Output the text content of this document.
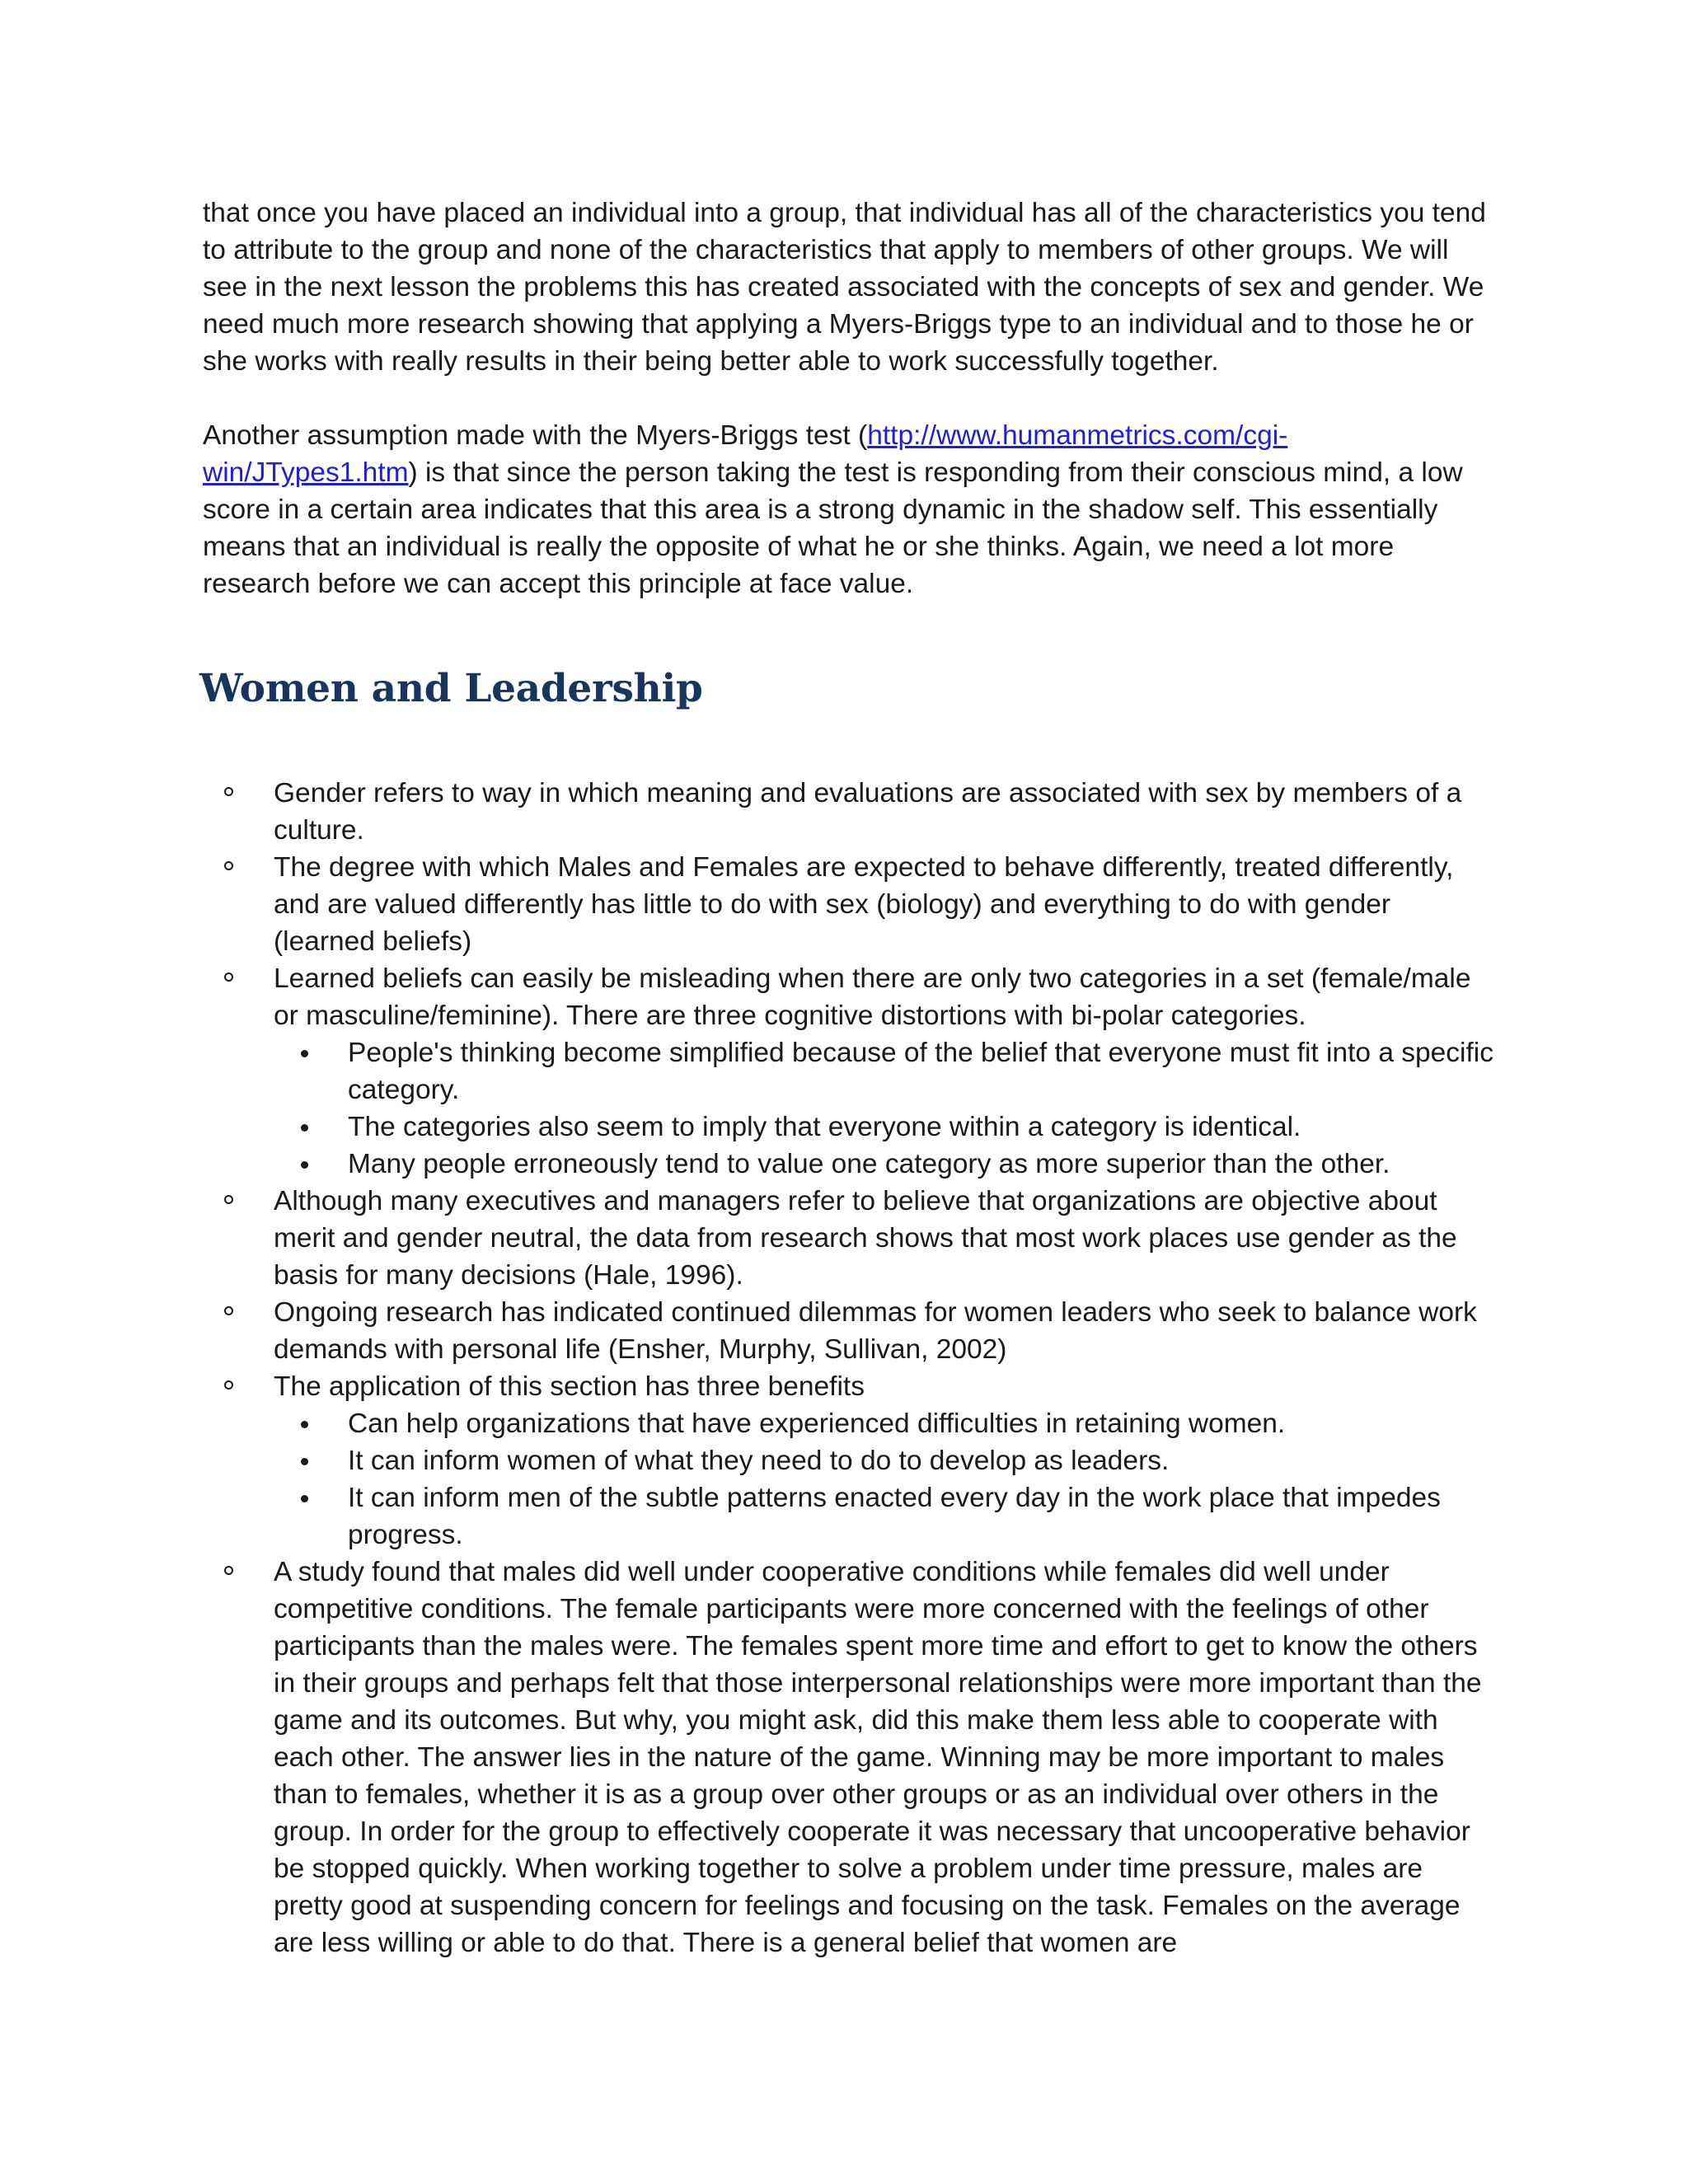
that once you have placed an individual into a group, that individual has all of the characteristics you tend to attribute to the group and none of the characteristics that apply to members of other groups. We will see in the next lesson the problems this has created associated with the concepts of sex and gender. We need much more research showing that applying a Myers-Briggs type to an individual and to those he or she works with really results in their being better able to work successfully together.

Another assumption made with the Myers-Briggs test (http://www.humanmetrics.com/cgi-win/JTypes1.htm) is that since the person taking the test is responding from their conscious mind, a low score in a certain area indicates that this area is a strong dynamic in the shadow self. This essentially means that an individual is really the opposite of what he or she thinks. Again, we need a lot more research before we can accept this principle at face value.

Women and Leadership
Gender refers to way in which meaning and evaluations are associated with sex by members of a culture.
The degree with which Males and Females are expected to behave differently, treated differently, and are valued differently has little to do with sex (biology) and everything to do with gender (learned beliefs)
Learned beliefs can easily be misleading when there are only two categories in a set (female/male or masculine/feminine). There are three cognitive distortions with bi-polar categories.
People's thinking become simplified because of the belief that everyone must fit into a specific category.
The categories also seem to imply that everyone within a category is identical.
Many people erroneously tend to value one category as more superior than the other.
Although many executives and managers refer to believe that organizations are objective about merit and gender neutral, the data from research shows that most work places use gender as the basis for many decisions (Hale, 1996).
Ongoing research has indicated continued dilemmas for women leaders who seek to balance work demands with personal life (Ensher, Murphy, Sullivan, 2002)
The application of this section has three benefits
Can help organizations that have experienced difficulties in retaining women.
It can inform women of what they need to do to develop as leaders.
It can inform men of the subtle patterns enacted every day in the work place that impedes progress.
A study found that males did well under cooperative conditions while females did well under competitive conditions. The female participants were more concerned with the feelings of other participants than the males were. The females spent more time and effort to get to know the others in their groups and perhaps felt that those interpersonal relationships were more important than the game and its outcomes. But why, you might ask, did this make them less able to cooperate with each other. The answer lies in the nature of the game. Winning may be more important to males than to females, whether it is as a group over other groups or as an individual over others in the group. In order for the group to effectively cooperate it was necessary that uncooperative behavior be stopped quickly. When working together to solve a problem under time pressure, males are pretty good at suspending concern for feelings and focusing on the task. Females on the average are less willing or able to do that. There is a general belief that women are
